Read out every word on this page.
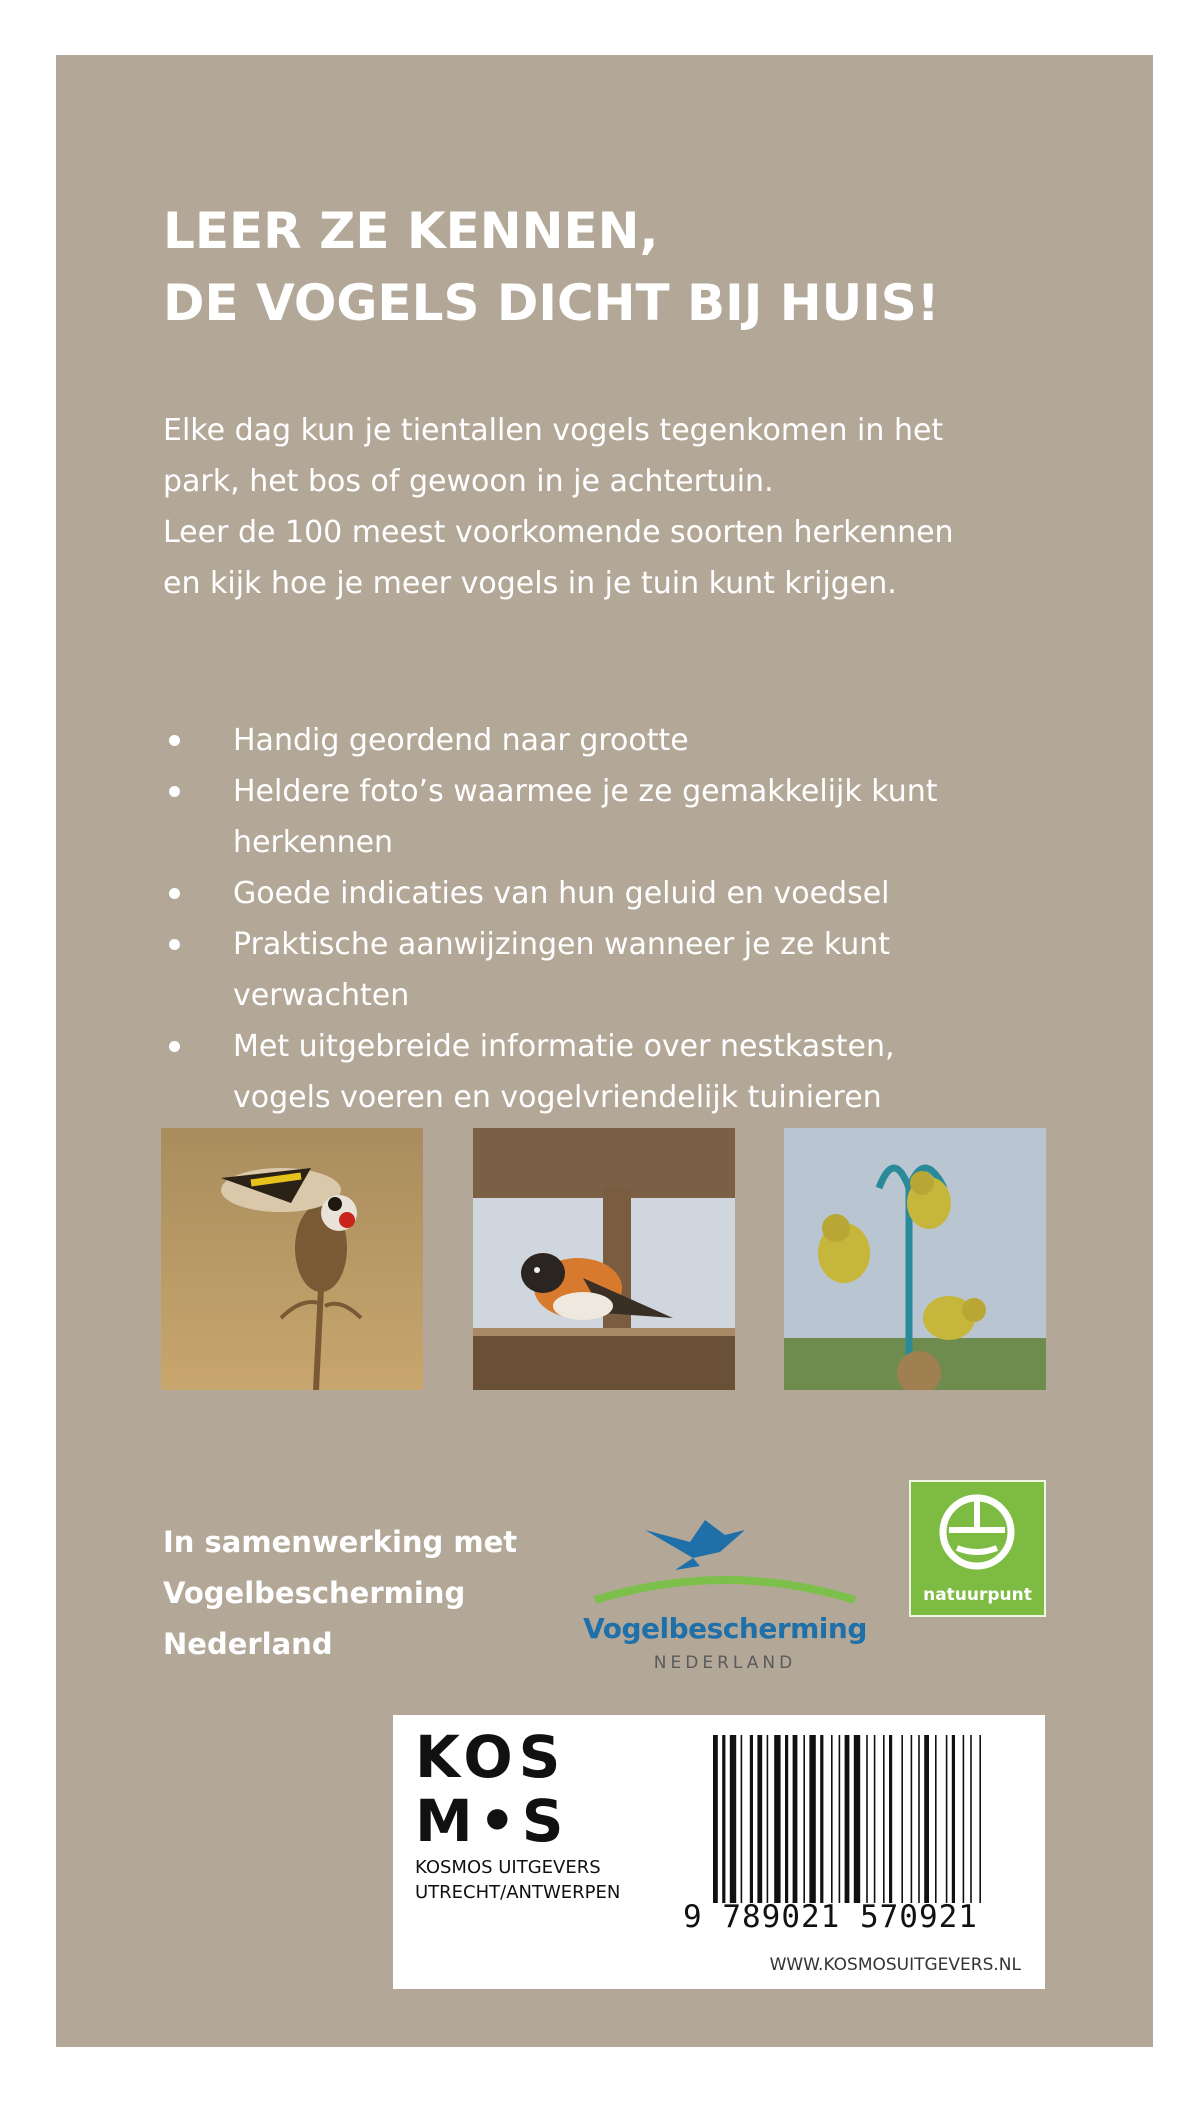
LEER ZE KENNEN,
DE VOGELS DICHT BIJ HUIS!
Elke dag kun je tientallen vogels tegenkomen in het
park, het bos of gewoon in je achtertuin.
Leer de 100 meest voorkomende soorten herkennen
en kijk hoe je meer vogels in je tuin kunt krijgen.
Handig geordend naar grootte
Heldere foto’s waarmee je ze gemakkelijk kunt
herkennen
Goede indicaties van hun geluid en voedsel
Praktische aanwijzingen wanneer je ze kunt
verwachten
Met uitgebreide informatie over nestkasten,
vogels voeren en vogelvriendelijk tuinieren
In samenwerking met
Vogelbescherming
Nederland	Vogelbescherming
NEDERLAND
natuurpunt
KOS
M•S
KOSMOS UITGEVERS
UTRECHT/ANTWERPEN
9 789021 570921
WWW.KOSMOSUITGEVERS.NL
